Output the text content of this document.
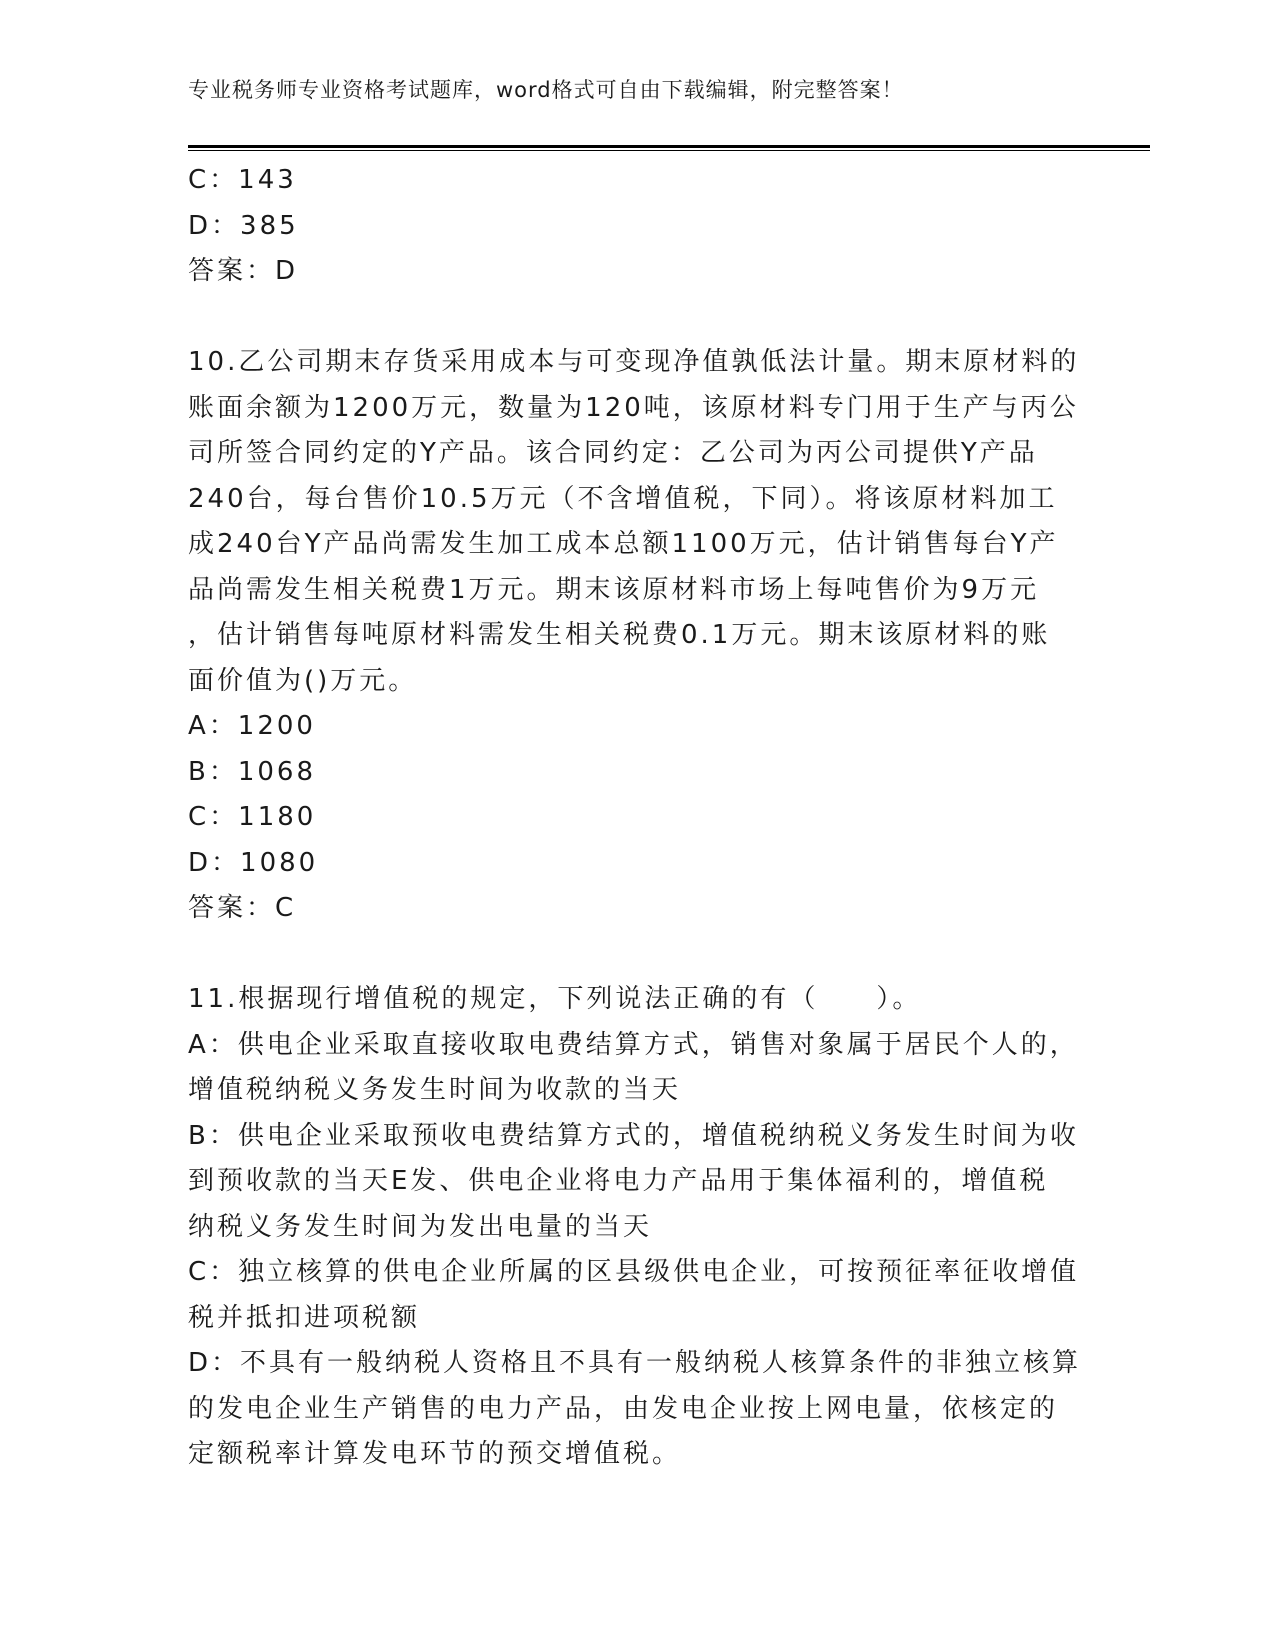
专业税务师专业资格考试题库，word格式可自由下载编辑，附完整答案！
C：143
D：385
答案：D
10.乙公司期末存货采用成本与可变现净值孰低法计量。期末原材料的
账面余额为1200万元，数量为120吨，该原材料专门用于生产与丙公
司所签合同约定的Y产品。该合同约定：乙公司为丙公司提供Y产品
240台，每台售价10.5万元（不含增值税，下同）。将该原材料加工
成240台Y产品尚需发生加工成本总额1100万元，估计销售每台Y产
品尚需发生相关税费1万元。期末该原材料市场上每吨售价为9万元
，估计销售每吨原材料需发生相关税费0.1万元。期末该原材料的账
面价值为()万元。
A：1200
B：1068
C：1180
D：1080
答案：C
11.根据现行增值税的规定，下列说法正确的有（　　）。
A：供电企业采取直接收取电费结算方式，销售对象属于居民个人的，
增值税纳税义务发生时间为收款的当天
B：供电企业采取预收电费结算方式的，增值税纳税义务发生时间为收
到预收款的当天E发、供电企业将电力产品用于集体福利的，增值税
纳税义务发生时间为发出电量的当天
C：独立核算的供电企业所属的区县级供电企业，可按预征率征收增值
税并抵扣进项税额
D：不具有一般纳税人资格且不具有一般纳税人核算条件的非独立核算
的发电企业生产销售的电力产品，由发电企业按上网电量，依核定的
定额税率计算发电环节的预交增值税。
